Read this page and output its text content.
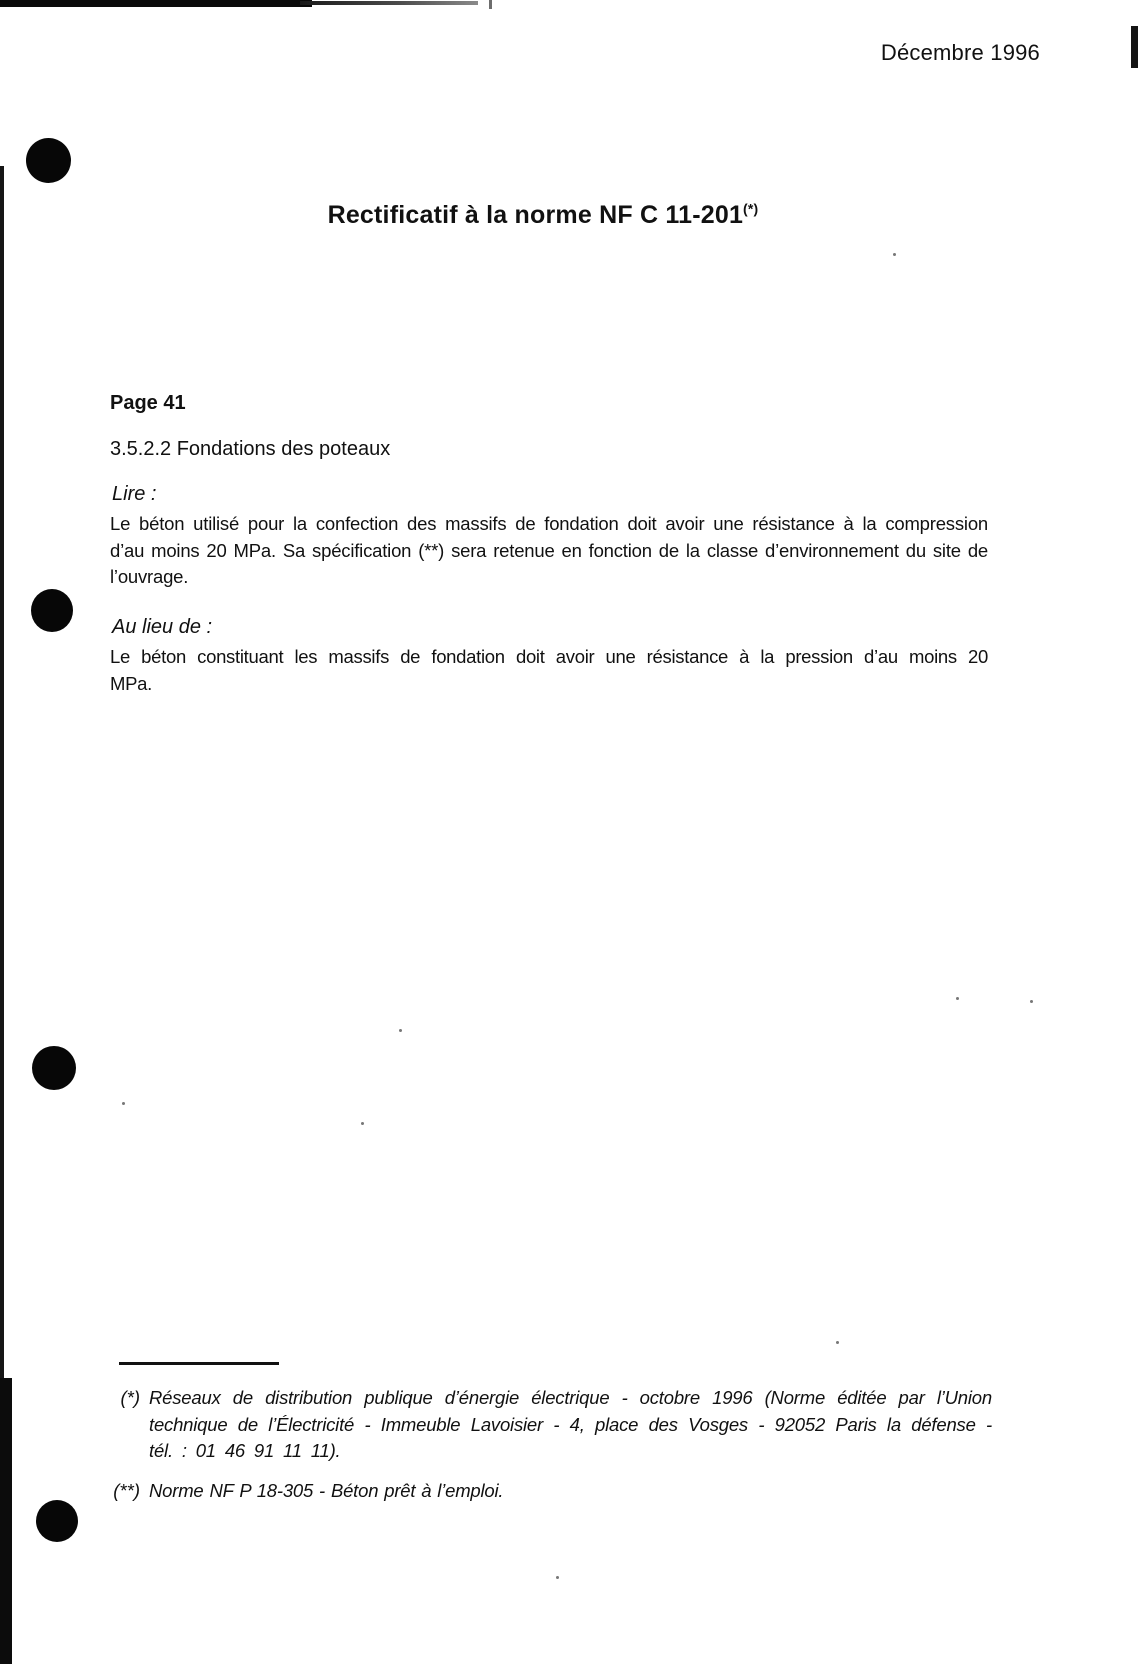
Décembre 1996
Rectificatif à la norme NF C 11-201(*)
Page 41
3.5.2.2 Fondations des poteaux
Lire :
Le béton utilisé pour la confection des massifs de fondation doit avoir une résistance à la compression d’au moins 20 MPa. Sa spécification (**) sera retenue en fonction de la classe d’environnement du site de l’ouvrage.
Au lieu de :
Le béton constituant les massifs de fondation doit avoir une résistance à la pression d’au moins 20 MPa.
(*) Réseaux de distribution publique d’énergie électrique - octobre 1996 (Norme éditée par l’Union technique de l’Électricité - Immeuble Lavoisier - 4, place des Vosges - 92052 Paris la défense - tél. : 01 46 91 11 11).
(**) Norme NF P 18-305 - Béton prêt à l’emploi.
